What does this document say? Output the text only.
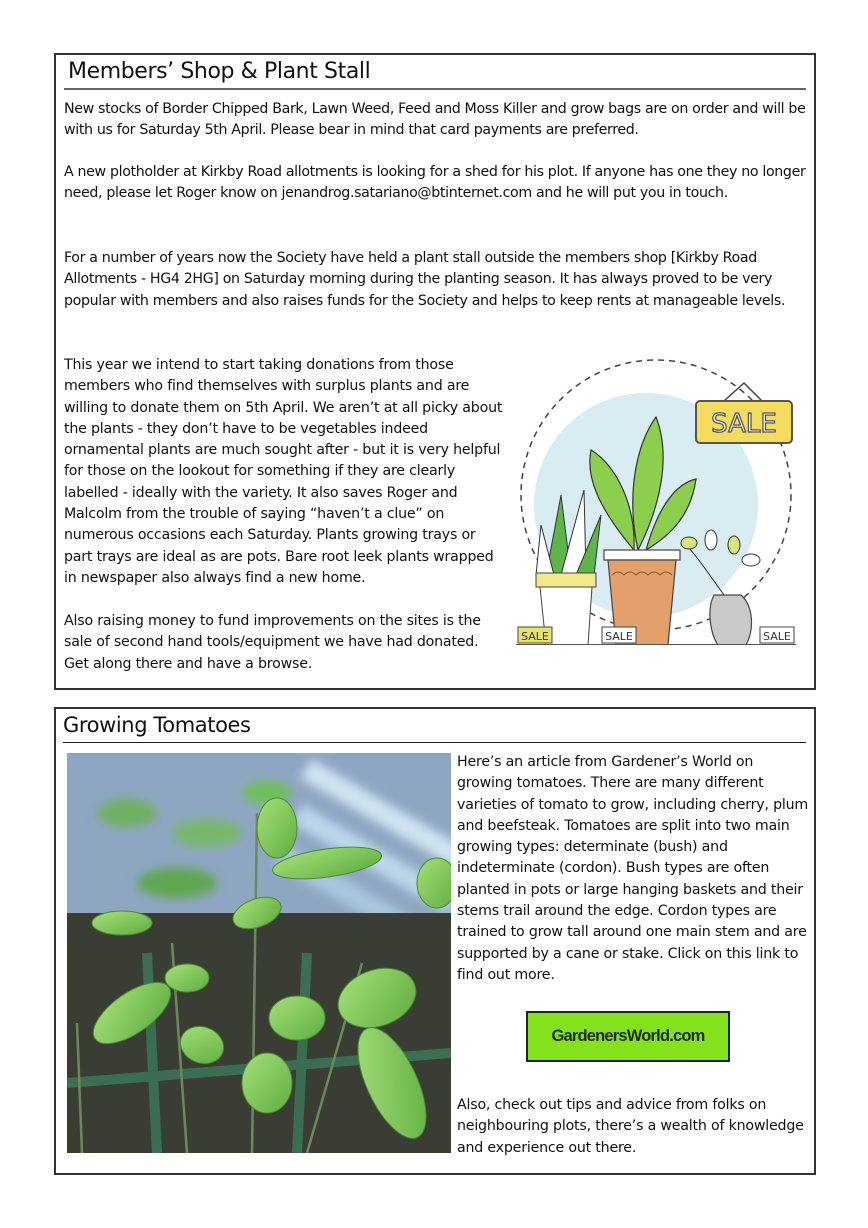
Members’ Shop & Plant Stall

New stocks of Border Chipped Bark, Lawn Weed, Feed and Moss Killer and grow bags are on order and will be with us for Saturday 5th April. Please bear in mind that card payments are preferred.

A new plotholder at Kirkby Road allotments is looking for a shed for his plot. If anyone has one they no longer need, please let Roger know on jenandrog.satariano@btinternet.com and he will put you in touch.

For a number of years now the Society have held a plant stall outside the members shop [Kirkby Road Allotments - HG4 2HG] on Saturday morning during the planting season. It has always proved to be very popular with members and also raises funds for the Society and helps to keep rents at manageable levels.

This year we intend to start taking donations from those members who find themselves with surplus plants and are willing to donate them on 5th April. We aren’t at all picky about the plants - they don’t have to be vegetables indeed ornamental plants are much sought after - but it is very helpful for those on the lookout for something if they are clearly labelled - ideally with the variety. It also saves Roger and Malcolm from the trouble of saying “haven’t a clue” on numerous occasions each Saturday. Plants growing trays or part trays are ideal as are pots. Bare root leek plants wrapped in newspaper also always find a new home.

Also raising money to fund improvements on the sites is the sale of second hand tools/equipment we have had donated. Get along there and have a browse.

SALE
SALE	SALE	SALE
Growing Tomatoes

Here’s an article from Gardener’s World on growing tomatoes. There are many different varieties of tomato to grow, including cherry, plum and beefsteak. Tomatoes are split into two main growing types: determinate (bush) and indeterminate (cordon). Bush types are often planted in pots or large hanging baskets and their stems trail around the edge. Cordon types are trained to grow tall around one main stem and are supported by a cane or stake. Click on this link to find out more.

GardenersWorld.com

Also, check out tips and advice from folks on neighbouring plots, there’s a wealth of knowledge and experience out there.
